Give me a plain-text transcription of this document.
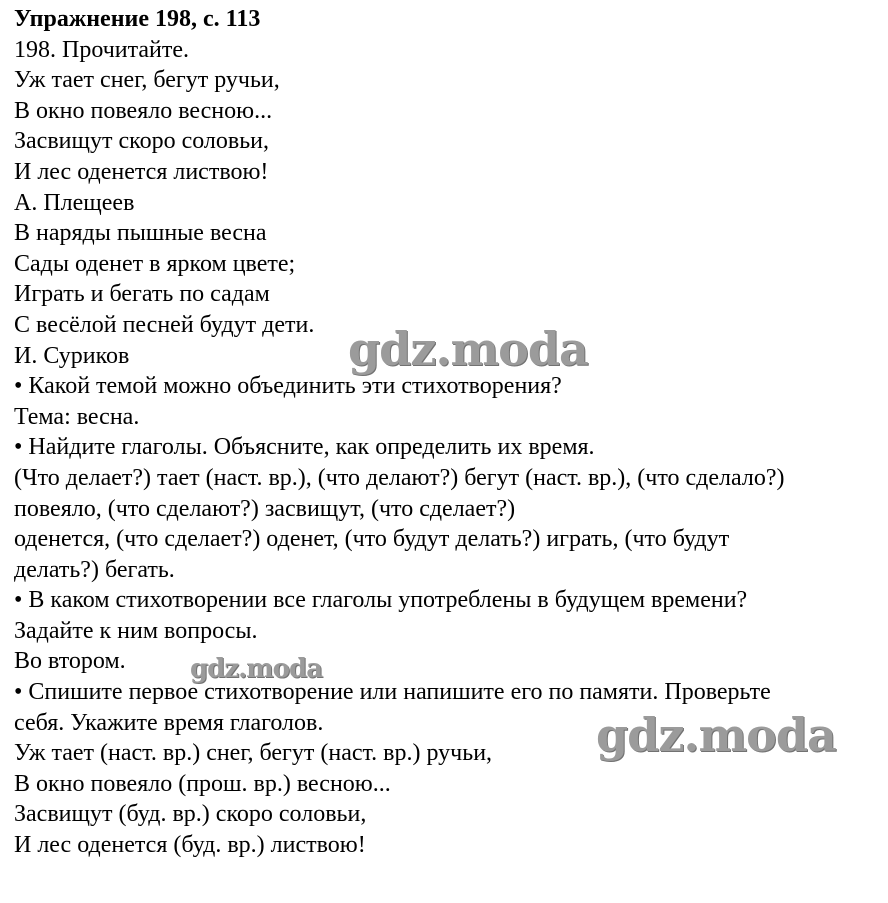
Упражнение 198, с. 113
198. Прочитайте.
Уж тает снег, бегут ручьи,
В окно повеяло весною...
Засвищут скоро соловьи,
И лес оденется листвою!
А. Плещеев
В наряды пышные весна
Сады оденет в ярком цвете;
Играть и бегать по садам
С весёлой песней будут дети.
И. Суриков
• Какой темой можно объединить эти стихотворения?
Тема: весна.
• Найдите глаголы. Объясните, как определить их время.
(Что делает?) тает (наст. вр.), (что делают?) бегут (наст. вр.), (что сделало?)
повеяло, (что сделают?) засвищут, (что сделает?)
оденется, (что сделает?) оденет, (что будут делать?) играть, (что будут
делать?) бегать.
• В каком стихотворении все глаголы употреблены в будущем времени?
Задайте к ним вопросы.
Во втором.
• Спишите первое стихотворение или напишите его по памяти. Проверьте
себя. Укажите время глаголов.
Уж тает (наст. вр.) снег, бегут (наст. вр.) ручьи,
В окно повеяло (прош. вр.) весною...
Засвищут (буд. вр.) скоро соловьи,
И лес оденется (буд. вр.) листвою!
gdz.moda
gdz.moda
gdz.moda
